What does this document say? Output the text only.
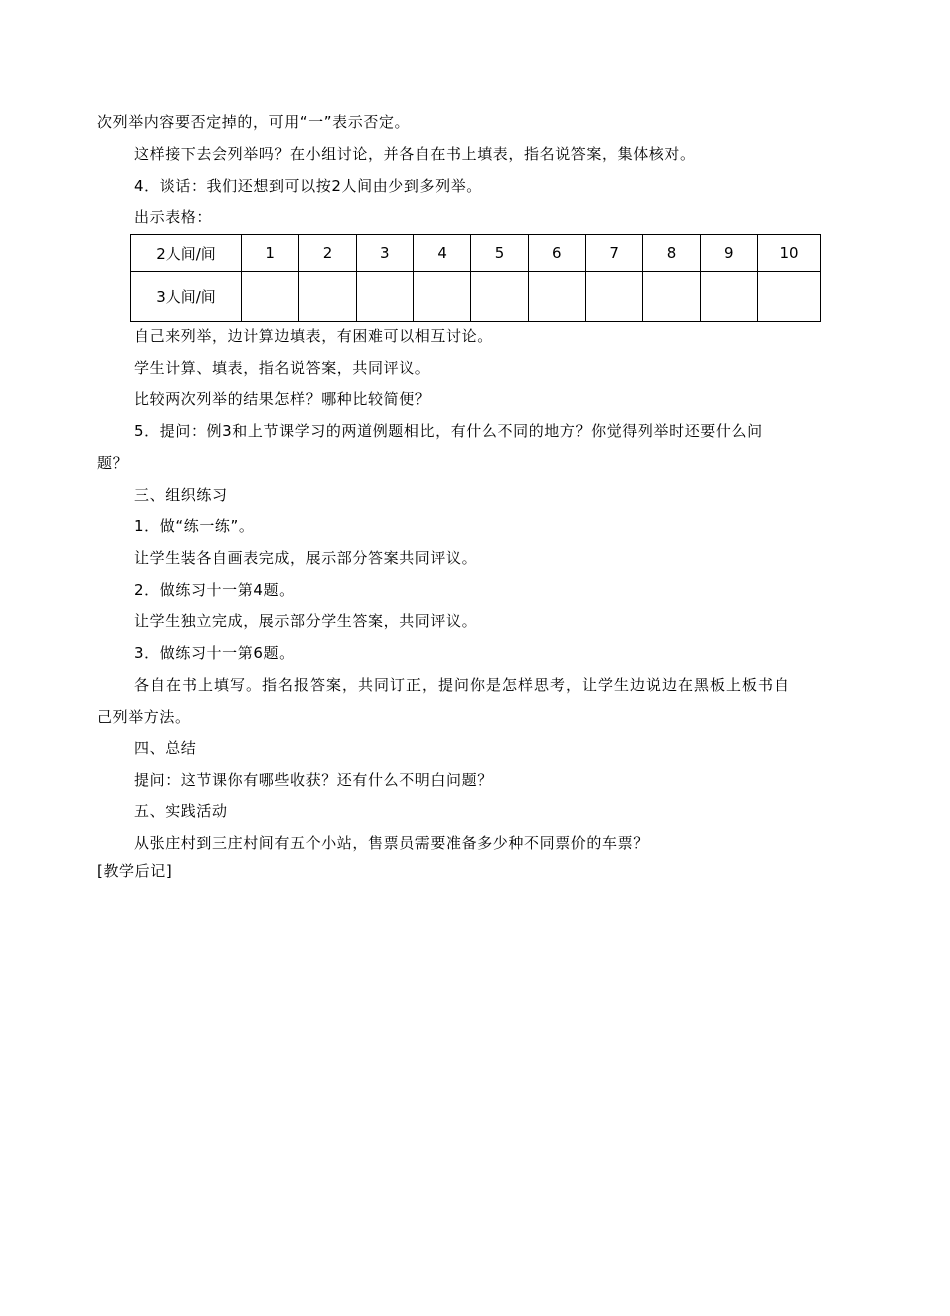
次列举内容要否定掉的，可用“一”表示否定。
这样接下去会列举吗？在小组讨论，并各自在书上填表，指名说答案，集体核对。
4．谈话：我们还想到可以按2人间由少到多列举。
出示表格：
2人间/间	1	2	3	4	5	6	7	8	9	10
3人间/间										
自己来列举，边计算边填表，有困难可以相互讨论。
学生计算、填表，指名说答案，共同评议。
比较两次列举的结果怎样？哪种比较简便？
5．提问：例3和上节课学习的两道例题相比，有什么不同的地方？你觉得列举时还要什么问
题？
三、组织练习
1．做“练一练”。
让学生装各自画表完成，展示部分答案共同评议。
2．做练习十一第4题。
让学生独立完成，展示部分学生答案，共同评议。
3．做练习十一第6题。
各自在书上填写。指名报答案，共同订正，提问你是怎样思考，让学生边说边在黑板上板书自
己列举方法。
四、总结
提问：这节课你有哪些收获？还有什么不明白问题？
五、实践活动
从张庄村到三庄村间有五个小站，售票员需要准备多少种不同票价的车票？
[教学后记]
